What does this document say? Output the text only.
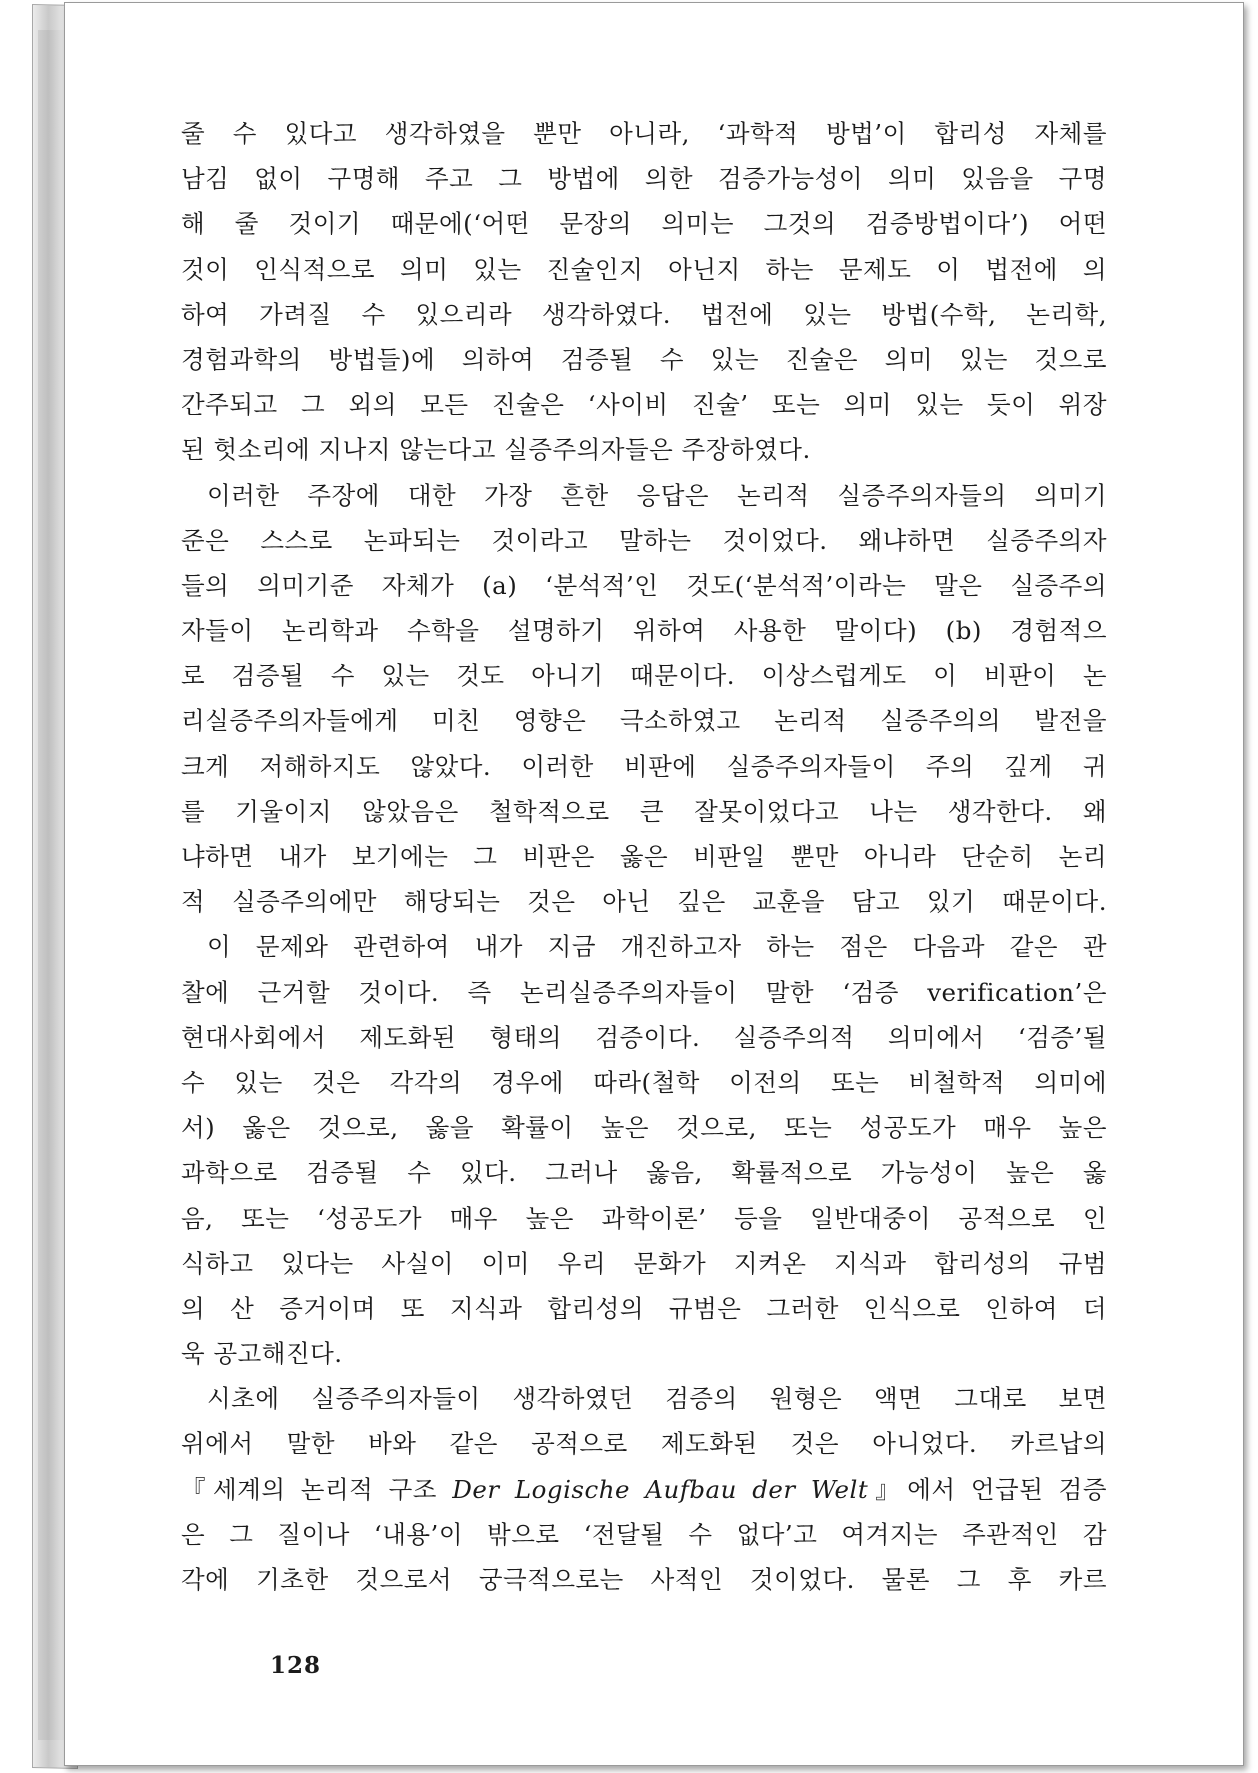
줄 수 있다고 생각하였을 뿐만 아니라, ‘과학적 방법’이 합리성 자체를
남김 없이 구명해 주고 그 방법에 의한 검증가능성이 의미 있음을 구명
해 줄 것이기 때문에(‘어떤 문장의 의미는 그것의 검증방법이다’) 어떤
것이 인식적으로 의미 있는 진술인지 아닌지 하는 문제도 이 법전에 의
하여 가려질 수 있으리라 생각하였다. 법전에 있는 방법(수학, 논리학,
경험과학의 방법들)에 의하여 검증될 수 있는 진술은 의미 있는 것으로
간주되고 그 외의 모든 진술은 ‘사이비 진술’ 또는 의미 있는 듯이 위장
된 헛소리에 지나지 않는다고 실증주의자들은 주장하였다.
이러한 주장에 대한 가장 흔한 응답은 논리적 실증주의자들의 의미기
준은 스스로 논파되는 것이라고 말하는 것이었다. 왜냐하면 실증주의자
들의 의미기준 자체가 (a) ‘분석적’인 것도(‘분석적’이라는 말은 실증주의
자들이 논리학과 수학을 설명하기 위하여 사용한 말이다) (b) 경험적으
로 검증될 수 있는 것도 아니기 때문이다. 이상스럽게도 이 비판이 논
리실증주의자들에게 미친 영향은 극소하였고 논리적 실증주의의 발전을
크게 저해하지도 않았다. 이러한 비판에 실증주의자들이 주의 깊게 귀
를 기울이지 않았음은 철학적으로 큰 잘못이었다고 나는 생각한다. 왜
냐하면 내가 보기에는 그 비판은 옳은 비판일 뿐만 아니라 단순히 논리
적 실증주의에만 해당되는 것은 아닌 깊은 교훈을 담고 있기 때문이다.
이 문제와 관련하여 내가 지금 개진하고자 하는 점은 다음과 같은 관
찰에 근거할 것이다. 즉 논리실증주의자들이 말한 ‘검증 verification’은
현대사회에서 제도화된 형태의 검증이다. 실증주의적 의미에서 ‘검증’될
수 있는 것은 각각의 경우에 따라(철학 이전의 또는 비철학적 의미에
서) 옳은 것으로, 옳을 확률이 높은 것으로, 또는 성공도가 매우 높은
과학으로 검증될 수 있다. 그러나 옳음, 확률적으로 가능성이 높은 옳
음, 또는 ‘성공도가 매우 높은 과학이론’ 등을 일반대중이 공적으로 인
식하고 있다는 사실이 이미 우리 문화가 지켜온 지식과 합리성의 규범
의 산 증거이며 또 지식과 합리성의 규범은 그러한 인식으로 인하여 더
욱 공고해진다.
시초에 실증주의자들이 생각하였던 검증의 원형은 액면 그대로 보면
위에서 말한 바와 같은 공적으로 제도화된 것은 아니었다. 카르납의
『세계의 논리적 구조 Der Logische Aufbau der Welt』에서 언급된 검증
은 그 질이나 ‘내용’이 밖으로 ‘전달될 수 없다’고 여겨지는 주관적인 감
각에 기초한 것으로서 궁극적으로는 사적인 것이었다. 물론 그 후 카르
128
